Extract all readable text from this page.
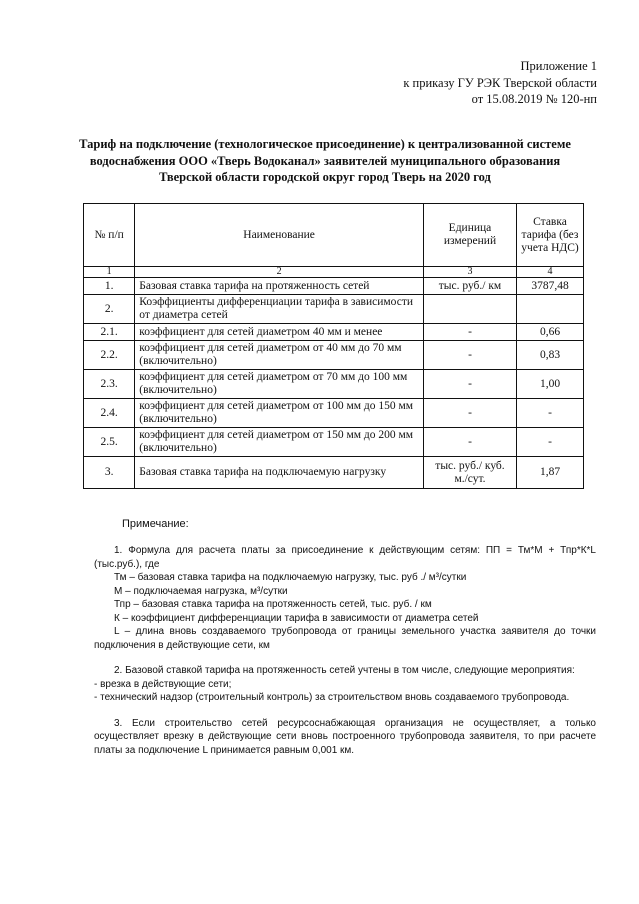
Приложение 1
к приказу ГУ РЭК Тверской области
от 15.08.2019 № 120-нп
Тариф на подключение (технологическое присоединение) к централизованной системе
водоснабжения ООО «Тверь Водоканал» заявителей муниципального образования
Тверской области городской округ город Тверь на 2020 год
№ п/п	Наименование	Единица измерений	Ставка тарифа (без учета НДС)
1	2	3	4
1.	Базовая ставка тарифа на протяженность сетей	тыс. руб./ км	3787,48
2.	Коэффициенты дифференциации тарифа в зависимости от диаметра сетей		
2.1.	коэффициент для сетей диаметром 40 мм и менее	-	0,66
2.2.	коэффициент для сетей диаметром от 40 мм до 70 мм (включительно)	-	0,83
2.3.	коэффициент для сетей диаметром от 70 мм до 100 мм (включительно)	-	1,00
2.4.	коэффициент для сетей диаметром от 100 мм до 150 мм (включительно)	-	-
2.5.	коэффициент для сетей диаметром от 150 мм до 200 мм (включительно)	-	-
3.	Базовая ставка тарифа на подключаемую нагрузку	тыс. руб./ куб. м./сут.	1,87
Примечание:

1. Формула для расчета платы за присоединение к действующим сетям: ПП = Тм*М + Тпр*К*L (тыс.руб.), где

Тм – базовая ставка тарифа на подключаемую нагрузку, тыс. руб ./ м³/сутки

М – подключаемая нагрузка, м³/сутки

Тпр – базовая ставка тарифа на протяженность сетей, тыс. руб. / км

К – коэффициент дифференциации тарифа в зависимости от диаметра сетей

L – длина вновь создаваемого трубопровода от границы земельного участка заявителя до точки подключения в действующие сети, км

2. Базовой ставкой тарифа на протяженность сетей учтены в том числе, следующие мероприятия:

- врезка в действующие сети;

- технический надзор (строительный контроль) за строительством вновь создаваемого трубопровода.

3. Если строительство сетей ресурсоснабжающая организация не осуществляет, а только осуществляет врезку в действующие сети вновь построенного трубопровода заявителя, то при расчете платы за подключение L принимается равным 0,001 км.
